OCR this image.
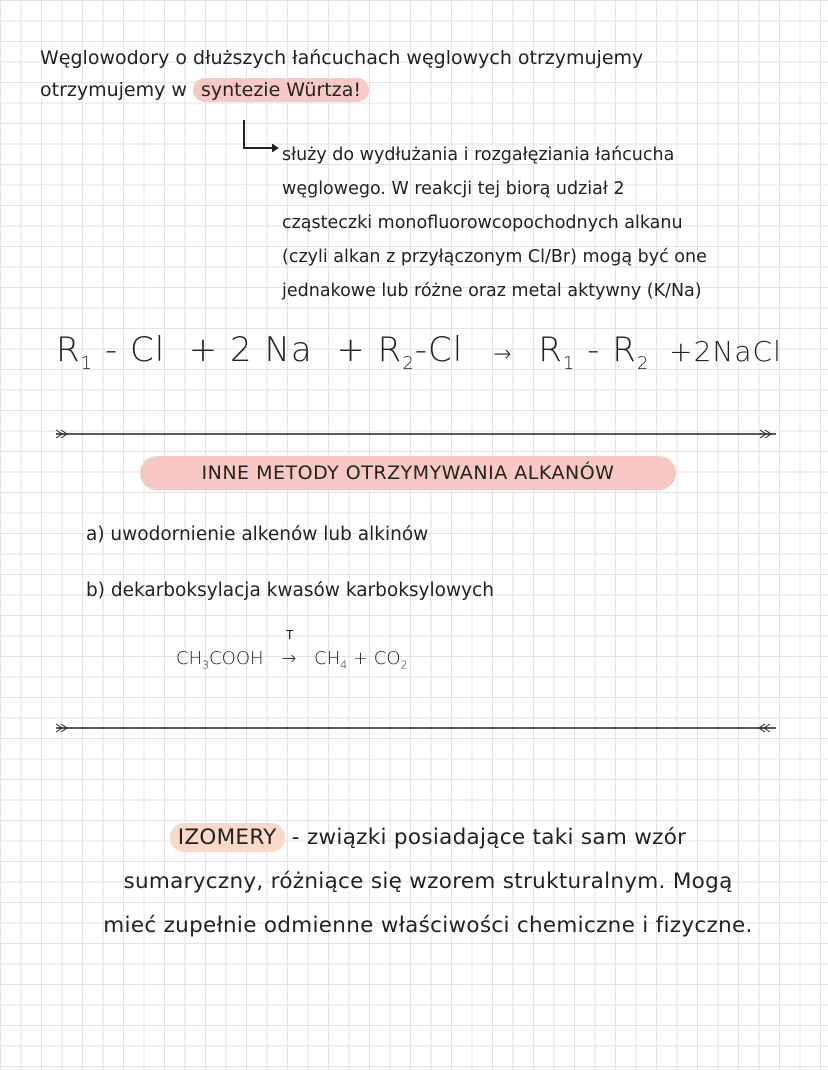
Węglowodory o dłuższych łańcuchach węglowych otrzymujemy
otrzymujemy w syntezie Würtza!
służy do wydłużania i rozgałęziania łańcucha
węglowego. W reakcji tej biorą udział 2
cząsteczki monofluorowcopochodnych alkanu
(czyli alkan z przyłączonym Cl/Br) mogą być one
jednakowe lub różne oraz metal aktywny (K/Na)
$R_1 - Cl + 2$ $Na + R_2-Cl \to R_1 - R_2$  +2NaCl
INNE METODY OTRZYMYWANIA ALKANÓW
a) uwodornienie alkenów lub alkinów
b) dekarboksylacja kwasów karboksylowych
T
$CH_3COOH \to CH_4 + CO_2$
IZOMERY - związki posiadające taki sam wzór
sumaryczny, różniące się wzorem strukturalnym. Mogą
mieć zupełnie odmienne właściwości chemiczne i fizyczne.
